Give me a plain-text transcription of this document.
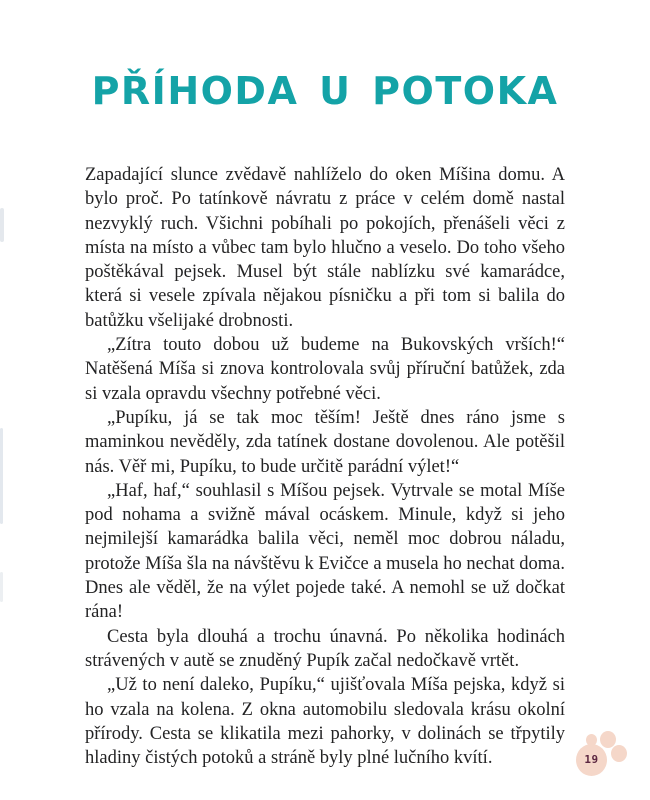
PŘÍHODA U POTOKA

Zapadající slunce zvědavě nahlíželo do oken Míšina domu. A bylo proč. Po tatínkově návratu z práce v celém domě nastal nezvyklý ruch. Všichni pobíhali po pokojích, přenášeli věci z místa na místo a vůbec tam bylo hlučno a veselo. Do toho všeho poštěkával pejsek. Musel být stále nablízku své kamarádce, která si vesele zpívala nějakou písničku a při tom si balila do batůžku všelijaké drobnosti.

„Zítra touto dobou už budeme na Bukovských vrších!“ Natěšená Míša si znova kontrolovala svůj příruční batůžek, zda si vzala opravdu všechny potřebné věci.

„Pupíku, já se tak moc těším! Ještě dnes ráno jsme s maminkou nevěděly, zda tatínek dostane dovolenou. Ale potěšil nás. Věř mi, Pupíku, to bude určitě parádní výlet!“

„Haf, haf,“ souhlasil s Míšou pejsek. Vytrvale se motal Míše pod nohama a svižně mával ocáskem. Minule, když si jeho nejmilejší kamarádka balila věci, neměl moc dobrou náladu, protože Míša šla na návštěvu k Evičce a musela ho nechat doma. Dnes ale věděl, že na výlet pojede také. A nemohl se už dočkat rána!

Cesta byla dlouhá a trochu únavná. Po několika hodinách strávených v autě se znuděný Pupík začal nedočkavě vrtět.

„Už to není daleko, Pupíku,“ ujišťovala Míša pejska, když si ho vzala na kolena. Z okna automobilu sledovala krásu okolní přírody. Cesta se klikatila mezi pahorky, v dolinách se třpytily hladiny čistých potoků a stráně byly plné lučního kvítí.	19
